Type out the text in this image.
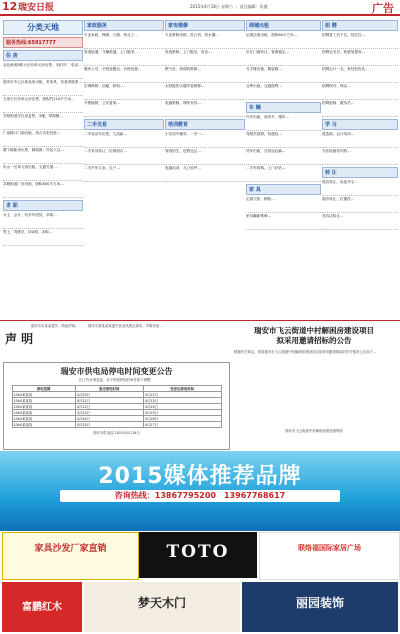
12 瑞安日报	2015年4月18日 星期六 ｜ 责任编辑：张薇	广告
分类天地
服务热线:65917777
住 房
金色新苑8栋小区有单元房出售，3室2厅，电话…
瑞安市中心区商品房出租，带家具，有意者联系…
九里小区有单元房出售，面积约110平方米…
安阳街道学区房急售，3楼，带阁楼…
广场路口门面出租，适合各类经营…
塘下镇新房出售，精装修，拎包入住…
东山一区单元房出租，交通方便…
莘塍街道厂房出租，面积800平方米…
求 职
女士，会计，有多年经验，求职…
男士，驾驶员，持A照，求职…
家政服务
专业家政，保姆、月嫂、钟点工…
管道疏通，马桶疏通，上门服务…
搬家公司，长短途搬运，价格优惠…
空调维修、加氟、移机…
开锁换锁，公安备案…
二手交易
二手电动车出售，九成新…
二手家具转让，价格面议…
二手汽车买卖、过户…
家电维修
专业维修冰箱、洗衣机、热水器…
电视维修，上门服务，电话…
燃气灶、油烟机维修…
太阳能热水器安装维修…
电脑维修，网络布线…
培训教育
小学初中辅导，一对一…
驾校招生，包教包会…
电脑培训，办公软件…
商铺出租
沿街店面出租，面积60平方米…
市区门面转让，客源稳定…
写字楼出租，精装修…
仓库出租，交通便利…
车 辆
汽车出租，商务车、婚车…
驾驶员招聘，待遇优…
货车出租，长短途运输…
二手车收购，上门评估…
家 具
定做衣柜、橱柜…
家具翻新维修…
招 聘
招聘普工若干名，包吃住…
招聘业务员，底薪加提成…
招聘会计一名，有经验优先…
招聘保安、保洁…
招聘厨师、服务员…
学 习
建造师、会计培训…
书法绘画培训班…
转 让
饭店转让，设备齐全…
超市转让，位置佳…
美容店转让…
声 明
瑞安市东某某遗失…特此声明。	瑞安市某某某某遗失营业执照正副本，声明作废…
瑞安市供电局停电时间变更公告
因工作计划变更，以下时段停电时间作如下调整：
停电范围	原定停电时间	变更后停电时间
10kV某某线	4月20日	4月22日
10kV某某线	4月21日	4月23日
10kV某某线	4月22日	4月24日
10kV某某线	4月23日	4月25日
10kV某某线	4月24日	4月26日
10kV某某线	4月25日	4月27日
瑞安市供电局 2015年4月18日
瑞安市飞云街道中村解困房建设项目
拟采用邀请招标的公告
根据有关规定，现将瑞安市飞云街道中村解困房建设项目拟采用邀请招标的有关情况公告如下…
瑞安市飞云街道中村解困房建设指挥部
2015媒体推荐品牌
咨询热线：13867795200　13967768617
家具沙发厂家直销	TOTO	联络福国际家居广场
富鹏红木	梦天木门	丽园装饰
